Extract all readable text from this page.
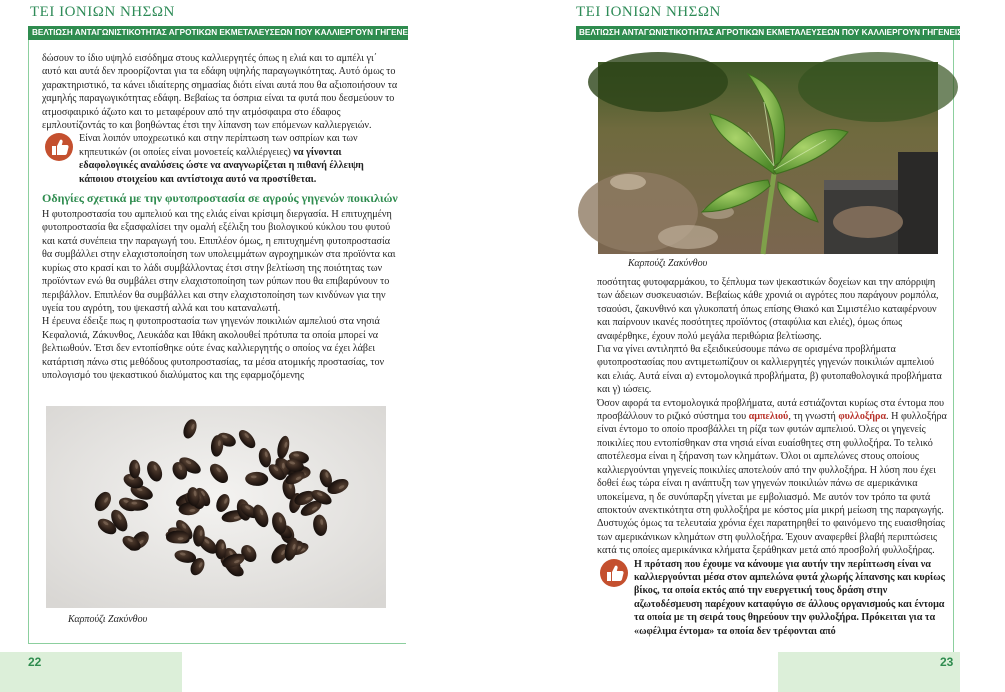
ΤΕΙ ΙΟΝΙΩΝ ΝΗΣΩΝ
ΒΕΛΤΙΩΣΗ ΑΝΤΑΓΩΝΙΣΤΙΚΟΤΗΤΑΣ ΑΓΡΟΤΙΚΩΝ ΕΚΜΕΤΑΛΕΥΣΕΩΝ ΠΟΥ ΚΑΛΛΙΕΡΓΟΥΝ ΓΗΓΕΝΕΙΣ ΠΟΙΚΙΛΙΕΣ

δώσουν το ίδιο υψηλό εισόδημα στους καλλιεργητές όπως η ελιά και το αμπέλι γι΄ αυτό και αυτά δεν προορίζονται για τα εδάφη υψηλής παραγωγικότητας. Αυτό όμως το χαρακτηριστικό, τα κάνει ιδιαίτερης σημασίας διότι είναι αυτά που θα αξιοποιήσουν τα χαμηλής παραγωγικότητας εδάφη. Βεβαίως τα όσπρια είναι τα φυτά που δεσμεύουν το ατμοσφαιρικό άζωτο και το μεταφέρουν από την ατμόσφαιρα στο έδαφος εμπλουτίζοντάς το και βοηθώντας έτσι την λίπανση των επόμενων καλλιεργειών.

Είναι λοιπόν υποχρεωτικό και στην περίπτωση των οσπρίων και των κηπευτικών (οι οποίες είναι μονοετείς καλλιέργειες) να γίνονται εδαφολογικές αναλύσεις ώστε να αναγνωρίζεται η πιθανή έλλειψη κάποιου στοιχείου και αντίστοιχα αυτό να προστίθεται.
Οδηγίες σχετικά με την φυτοπροστασία σε αγρούς γηγενών ποικιλιών

Η φυτοπροστασία του αμπελιού και της ελιάς είναι κρίσιμη διεργασία. Η επιτυχημένη φυτοπροστασία θα εξασφαλίσει την ομαλή εξέλιξη του βιολογικού κύκλου του φυτού και κατά συνέπεια την παραγωγή του. Επιπλέον όμως, η επιτυχημένη φυτοπροστασία θα συμβάλλει στην ελαχιστοποίηση των υπολειμμάτων αγροχημικών στα προϊόντα και κυρίως στο κρασί και το λάδι συμβάλλοντας έτσι στην βελτίωση της ποιότητας των προϊόντων ενώ θα συμβάλει στην ελαχιστοποίηση των ρύπων που θα επιβαρύνουν το περιβάλλον. Επιπλέον θα συμβάλλει και στην ελαχιστοποίηση των κινδύνων για την υγεία του αγρότη, του ψεκαστή αλλά και του καταναλωτή.

Η έρευνα έδειξε πως η φυτοπροστασία των γηγενών ποικιλιών αμπελιού στα νησιά Κεφαλονιά, Ζάκυνθος, Λευκάδα και Ιθάκη ακολουθεί πρότυπα τα οποία μπορεί να βελτιωθούν. Έτσι δεν εντοπίσθηκε ούτε ένας καλλιεργητής ο οποίος να έχει λάβει κατάρτιση πάνω στις μεθόδους φυτοπροστασίας, τα μέσα ατομικής προστασίας, τον υπολογισμό του ψεκαστικού διαλύματος και της εφαρμοζόμενης

Καρπούζι Ζακύνθου
22
ΤΕΙ ΙΟΝΙΩΝ ΝΗΣΩΝ
ΒΕΛΤΙΩΣΗ ΑΝΤΑΓΩΝΙΣΤΙΚΟΤΗΤΑΣ ΑΓΡΟΤΙΚΩΝ ΕΚΜΕΤΑΛΕΥΣΕΩΝ ΠΟΥ ΚΑΛΛΙΕΡΓΟΥΝ ΓΗΓΕΝΕΙΣ ΠΟΙΚΙΛΙΕΣ
Καρπούζι Ζακύνθου

ποσότητας φυτοφαρμάκου, το ξέπλυμα των ψεκαστικών δοχείων και την απόρριψη των άδειων συσκευασιών. Βεβαίως κάθε χρονιά οι αγρότες που παράγουν ρομπόλα, τσαούσι, ζακυνθινό και γλυκοπατή όπως επίσης Θιακό και Σιμιστέλιο καταφέρνουν και παίρνουν ικανές ποσότητες προϊόντος (σταφύλια και ελιές), όμως όπως αναφέρθηκε, έχουν πολύ μεγάλα περιθώρια βελτίωσης.

Για να γίνει αντιληπτό θα εξειδικεύσουμε πάνω σε ορισμένα προβλήματα φυτοπροστασίας που αντιμετωπίζουν οι καλλιεργητές γηγενών ποικιλιών αμπελιού και ελιάς. Αυτά είναι α) εντομολογικά προβλήματα, β) φυτοπαθολογικά προβλήματα και γ) ιώσεις.

Όσον αφορά τα εντομολογικά προβλήματα, αυτά εστιάζονται κυρίως στα έντομα που προσβάλλουν το ριζικό σύστημα του αμπελιού, τη γνωστή φυλλοξήρα. Η φυλλοξήρα είναι έντομο το οποίο προσβάλλει τη ρίζα των φυτών αμπελιού. Όλες οι γηγενείς ποικιλίες που εντοπίσθηκαν στα νησιά είναι ευαίσθητες στη φυλλοξήρα. Το τελικό αποτέλεσμα είναι η ξήρανση των κλημάτων. Όλοι οι αμπελώνες στους οποίους καλλιεργούνται γηγενείς ποικιλίες αποτελούν από την φυλλοξήρα. Η λύση που έχει δοθεί έως τώρα είναι η ανάπτυξη των γηγενών ποικιλιών πάνω σε αμερικάνικα υποκείμενα, η δε συνύπαρξη γίνεται με εμβολιασμό. Με αυτόν τον τρόπο τα φυτά αποκτούν ανεκτικότητα στη φυλλοξήρα με κόστος μία μικρή μείωση της παραγωγής. Δυστυχώς όμως τα τελευταία χρόνια έχει παρατηρηθεί το φαινόμενο της ευαισθησίας των αμερικάνικων κλημάτων στη φυλλοξήρα. Έχουν αναφερθεί βλαβή περιπτώσεις κατά τις οποίες αμερικάνικα κλήματα ξεράθηκαν μετά από προσβολή φυλλοξήρας.

Η πρόταση που έχουμε να κάνουμε για αυτήν την περίπτωση είναι να καλλιεργούνται μέσα στον αμπελώνα φυτά χλωρής λίπανσης και κυρίως βίκος, τα οποία εκτός από την ευεργετική τους δράση στην αζωτοδέσμευση παρέχουν καταφύγιο σε άλλους οργανισμούς και έντομα τα οποία με τη σειρά τους θηρεύουν την φυλλοξήρα. Πρόκειται για τα «ωφέλιμα έντομα» τα οποία δεν τρέφονται από
23
